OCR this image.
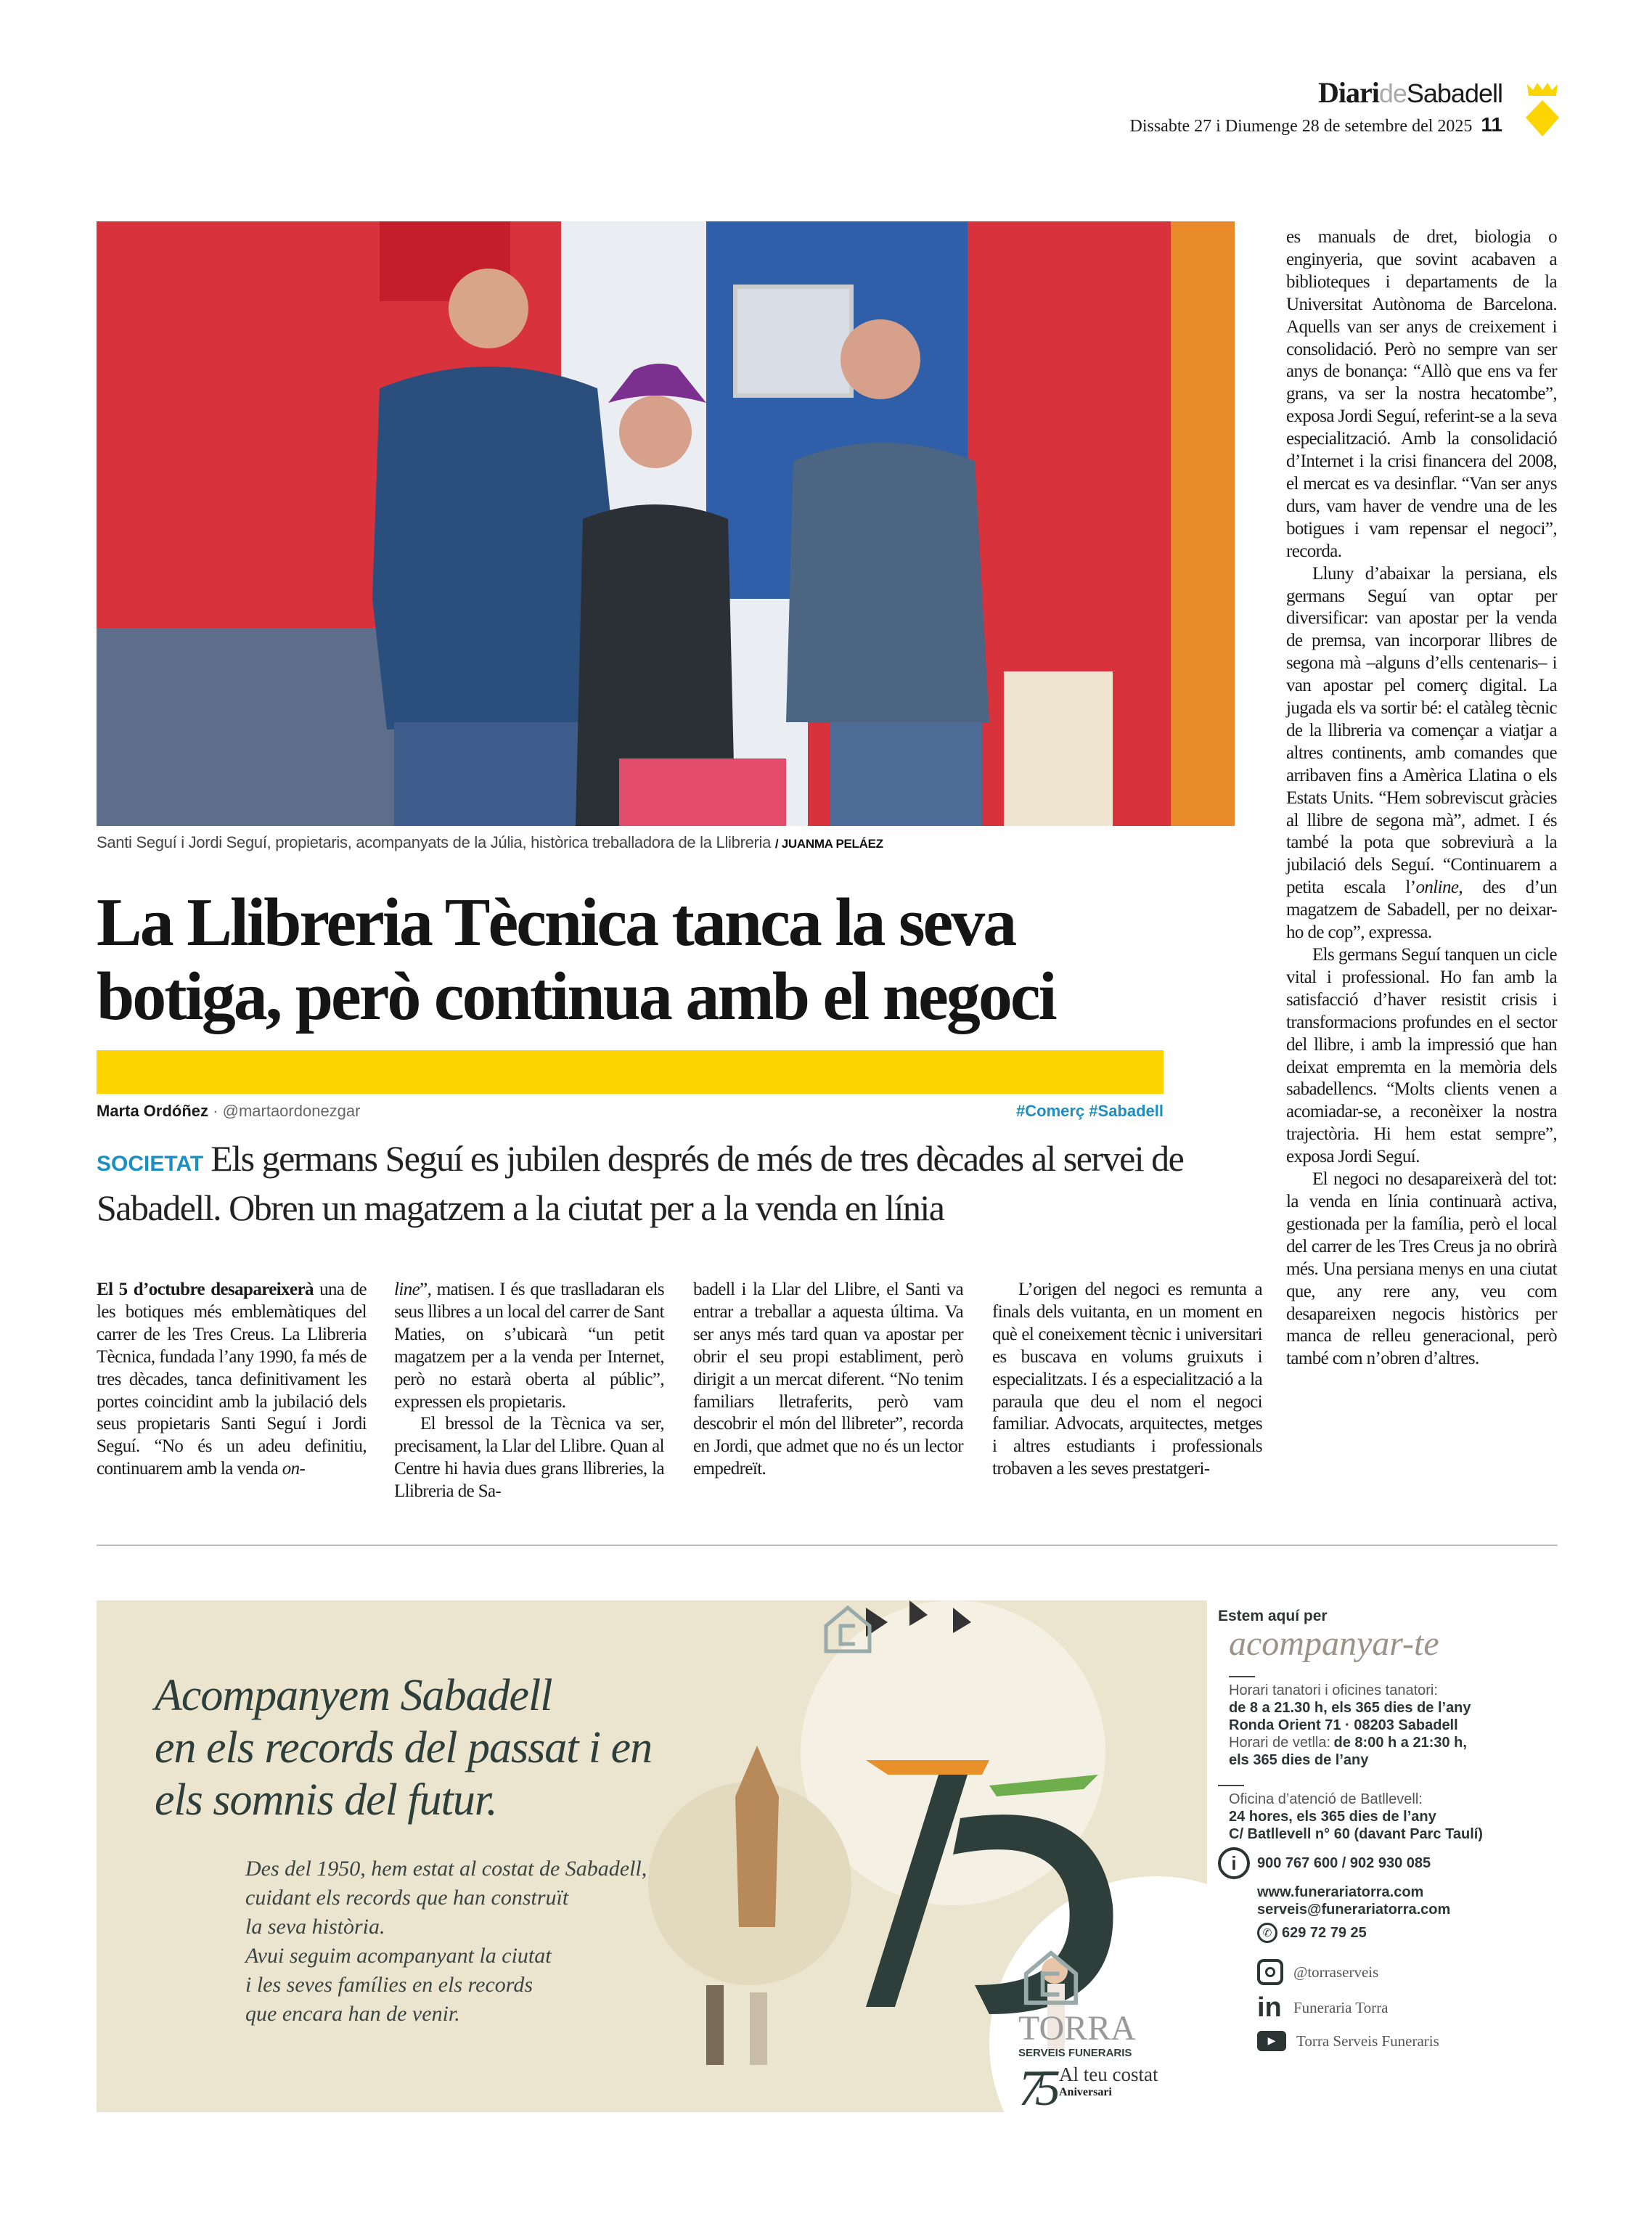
DiarideSabadell
Dissabte 27 i Diumenge 28 de setembre del 2025 11
Santi Seguí i Jordi Seguí, propietaris, acompanyats de la Júlia, històrica treballadora de la Llibreria / JUANMA PELÁEZ
La Llibreria Tècnica tanca la seva
botiga, però continua amb el negoci
Marta Ordóñez · @martaordonezgar	#Comerç #Sabadell
SOCIETAT Els germans Seguí es jubilen després de més de tres dècades al servei de Sabadell. Obren un magatzem a la ciutat per a la venda en línia

El 5 d’octubre desapareixerà una de les botiques més emblemàtiques del carrer de les Tres Creus. La Llibreria Tècnica, fundada l’any 1990, fa més de tres dècades, tanca definitivament les portes coincidint amb la jubilació dels seus propietaris Santi Seguí i Jordi Seguí. “No és un adeu definitiu, continuarem amb la venda on-

line”, matisen. I és que traslladaran els seus llibres a un local del carrer de Sant Maties, on s’ubicarà “un petit magatzem per a la venda per Internet, però no estarà oberta al públic”, expressen els propietaris.

El bressol de la Tècnica va ser, precisament, la Llar del Llibre. Quan al Centre hi havia dues grans llibreries, la Llibreria de Sa-

badell i la Llar del Llibre, el Santi va entrar a treballar a aquesta última. Va ser anys més tard quan va apostar per obrir el seu propi establiment, però dirigit a un mercat diferent. “No tenim familiars lletraferits, però vam descobrir el món del llibreter”, recorda en Jordi, que admet que no és un lector empedreït.

L’origen del negoci es remunta a finals dels vuitanta, en un moment en què el coneixement tècnic i universitari es buscava en volums gruixuts i especialitzats. I és a especialització a la paraula que deu el nom el negoci familiar. Advocats, arquitectes, metges i altres estudiants i professionals trobaven a les seves prestatgeri-

es manuals de dret, biologia o enginyeria, que sovint acabaven a biblioteques i departaments de la Universitat Autònoma de Barcelona. Aquells van ser anys de creixement i consolidació. Però no sempre van ser anys de bonança: “Allò que ens va fer grans, va ser la nostra hecatombe”, exposa Jordi Seguí, referint-se a la seva especialització. Amb la consolidació d’Internet i la crisi financera del 2008, el mercat es va desinflar. “Van ser anys durs, vam haver de vendre una de les botigues i vam repensar el negoci”, recorda.

Lluny d’abaixar la persiana, els germans Seguí van optar per diversificar: van apostar per la venda de premsa, van incorporar llibres de segona mà –alguns d’ells centenaris– i van apostar pel comerç digital. La jugada els va sortir bé: el catàleg tècnic de la llibreria va començar a viatjar a altres continents, amb comandes que arribaven fins a Amèrica Llatina o els Estats Units. “Hem sobreviscut gràcies al llibre de segona mà”, admet. I és també la pota que sobreviurà a la jubilació dels Seguí. “Continuarem a petita escala l’online, des d’un magatzem de Sabadell, per no deixar-ho de cop”, expressa.

Els germans Seguí tanquen un cicle vital i professional. Ho fan amb la satisfacció d’haver resistit crisis i transformacions profundes en el sector del llibre, i amb la impressió que han deixat empremta en la memòria dels sabadellencs. “Molts clients venen a acomiadar-se, a reconèixer la nostra trajectòria. Hi hem estat sempre”, exposa Jordi Seguí.

El negoci no desapareixerà del tot: la venda en línia continuarà activa, gestionada per la família, però el local del carrer de les Tres Creus ja no obrirà més. Una persiana menys en una ciutat que, any rere any, veu com desapareixen negocis històrics per manca de relleu generacional, però també com n’obren d’altres.

Acompanyem Sabadell
en els records del passat i en
els somnis del futur.
Des del 1950, hem estat al costat de Sabadell,
cuidant els records que han construït
la seva història.
Avui seguim acompanyant la ciutat
i les seves famílies en els records
que encara han de venir.	TORRA
SERVEIS FUNERARIS
75 Al teu costat
Aniversari
Estem aquí per
acompanyar-te
Horari tanatori i oficines tanatori:
de 8 a 21.30 h, els 365 dies de l’any
Ronda Orient 71 · 08203 Sabadell
Horari de vetlla: de 8:00 h a 21:30 h,
els 365 dies de l’any
Oficina d’atenció de Batllevell:
24 hores, els 365 dies de l’any
C/ Batllevell n° 60 (davant Parc Taulí)
i	900 767 600 / 902 930 085
www.funerariatorra.com
serveis@funerariatorra.com
✆ 629 72 79 25
@torraserveis
in Funeraria Torra
▶	Torra Serveis Funeraris
